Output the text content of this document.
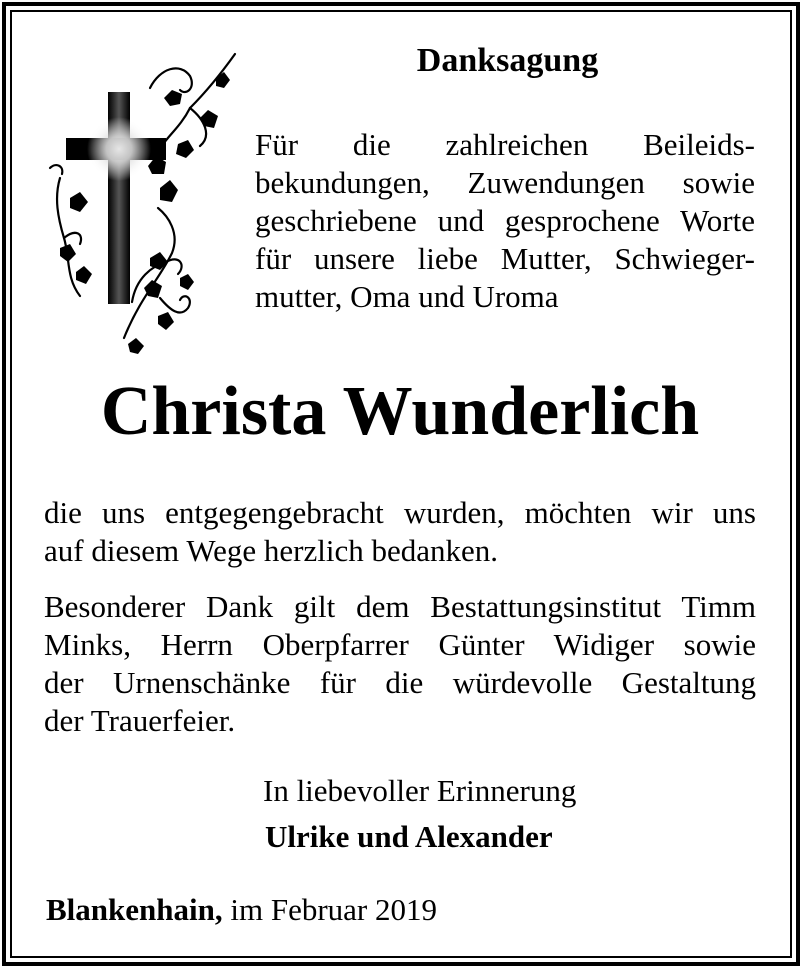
Danksagung
Für die zahlreichen Beileids-
bekundungen, Zuwendungen sowie
geschriebene und gesprochene Worte
für unsere liebe Mutter, Schwieger-
mutter, Oma und Uroma
Christa Wunderlich
die uns entgegengebracht wurden, möchten wir uns
auf diesem Wege herzlich bedanken.
Besonderer Dank gilt dem Bestattungsinstitut Timm
Minks, Herrn Oberpfarrer Günter Widiger sowie
der Urnenschänke für die würdevolle Gestaltung
der Trauerfeier.
In liebevoller Erinnerung
Ulrike und Alexander
Blankenhain, im Februar 2019
